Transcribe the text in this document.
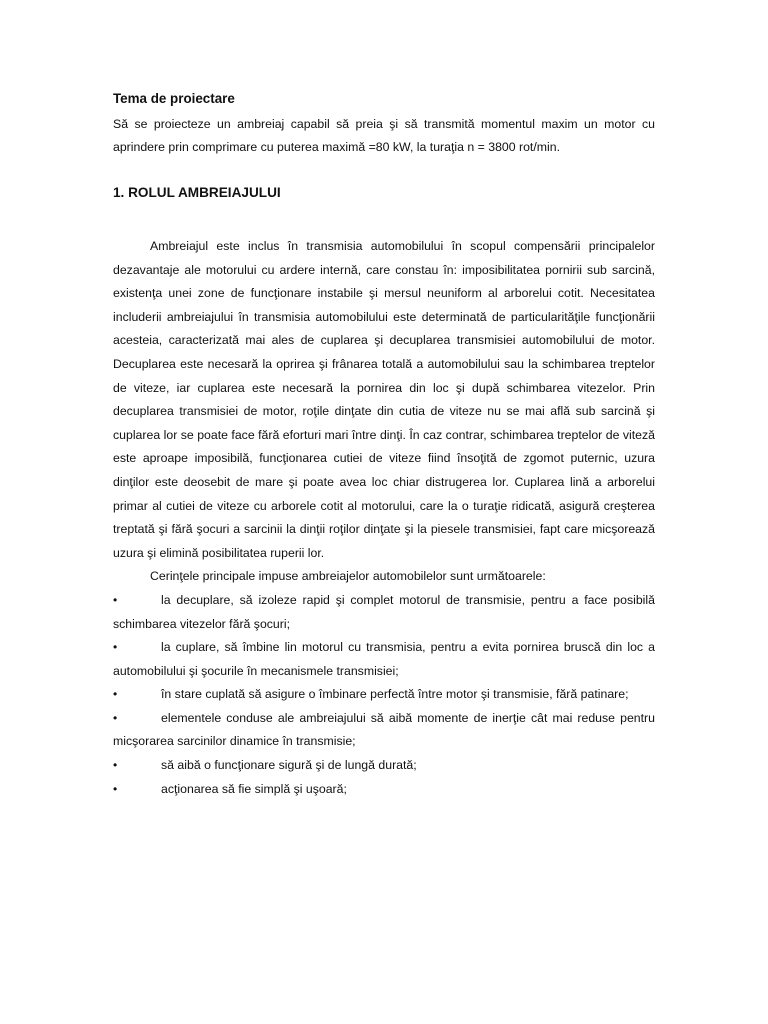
Tema de proiectare

Să se proiecteze un ambreiaj capabil să preia şi să transmită momentul maxim un motor cu aprindere prin comprimare cu puterea maximă =80 kW, la turaţia n = 3800 rot/min.

1. ROLUL AMBREIAJULUI

Ambreiajul este inclus în transmisia automobilului în scopul compensării principalelor dezavantaje ale motorului cu ardere internă, care constau în: imposibilitatea pornirii sub sarcină, existenţa unei zone de funcţionare instabile şi mersul neuniform al arborelui cotit. Necesitatea includerii ambreiajului în transmisia automobilului este determinată de particularităţile funcţionării acesteia, caracterizată mai ales de cuplarea şi decuplarea transmisiei automobilului de motor. Decuplarea este necesară la oprirea şi frânarea totală a automobilului sau la schimbarea treptelor de viteze, iar cuplarea este necesară la pornirea din loc şi după schimbarea vitezelor. Prin decuplarea transmisiei de motor, roţile dinţate din cutia de viteze nu se mai află sub sarcină şi cuplarea lor se poate face fără eforturi mari între dinţi. În caz contrar, schimbarea treptelor de viteză este aproape imposibilă, funcţionarea cutiei de viteze fiind însoţită de zgomot puternic, uzura dinţilor este deosebit de mare şi poate avea loc chiar distrugerea lor. Cuplarea lină a arborelui primar al cutiei de viteze cu arborele cotit al motorului, care la o turaţie ridicată, asigură creşterea treptată şi fără şocuri a sarcinii la dinţii roţilor dinţate şi la piesele transmisiei, fapt care micşorează uzura şi elimină posibilitatea ruperii lor.

Cerinţele principale impuse ambreiajelor automobilelor sunt următoarele:

•	la decuplare, să izoleze rapid şi complet motorul de transmisie, pentru a face posibilă schimbarea vitezelor fără şocuri;
•	la cuplare, să îmbine lin motorul cu transmisia, pentru a evita pornirea bruscă din loc a automobilului şi şocurile în mecanismele transmisiei;
•	în stare cuplată să asigure o îmbinare perfectă între motor şi transmisie, fără patinare;
•	elementele conduse ale ambreiajului să aibă momente de inerţie cât mai reduse pentru micşorarea sarcinilor dinamice în transmisie;
•	să aibă o funcţionare sigură şi de lungă durată;
•	acţionarea să fie simplă şi uşoară;
